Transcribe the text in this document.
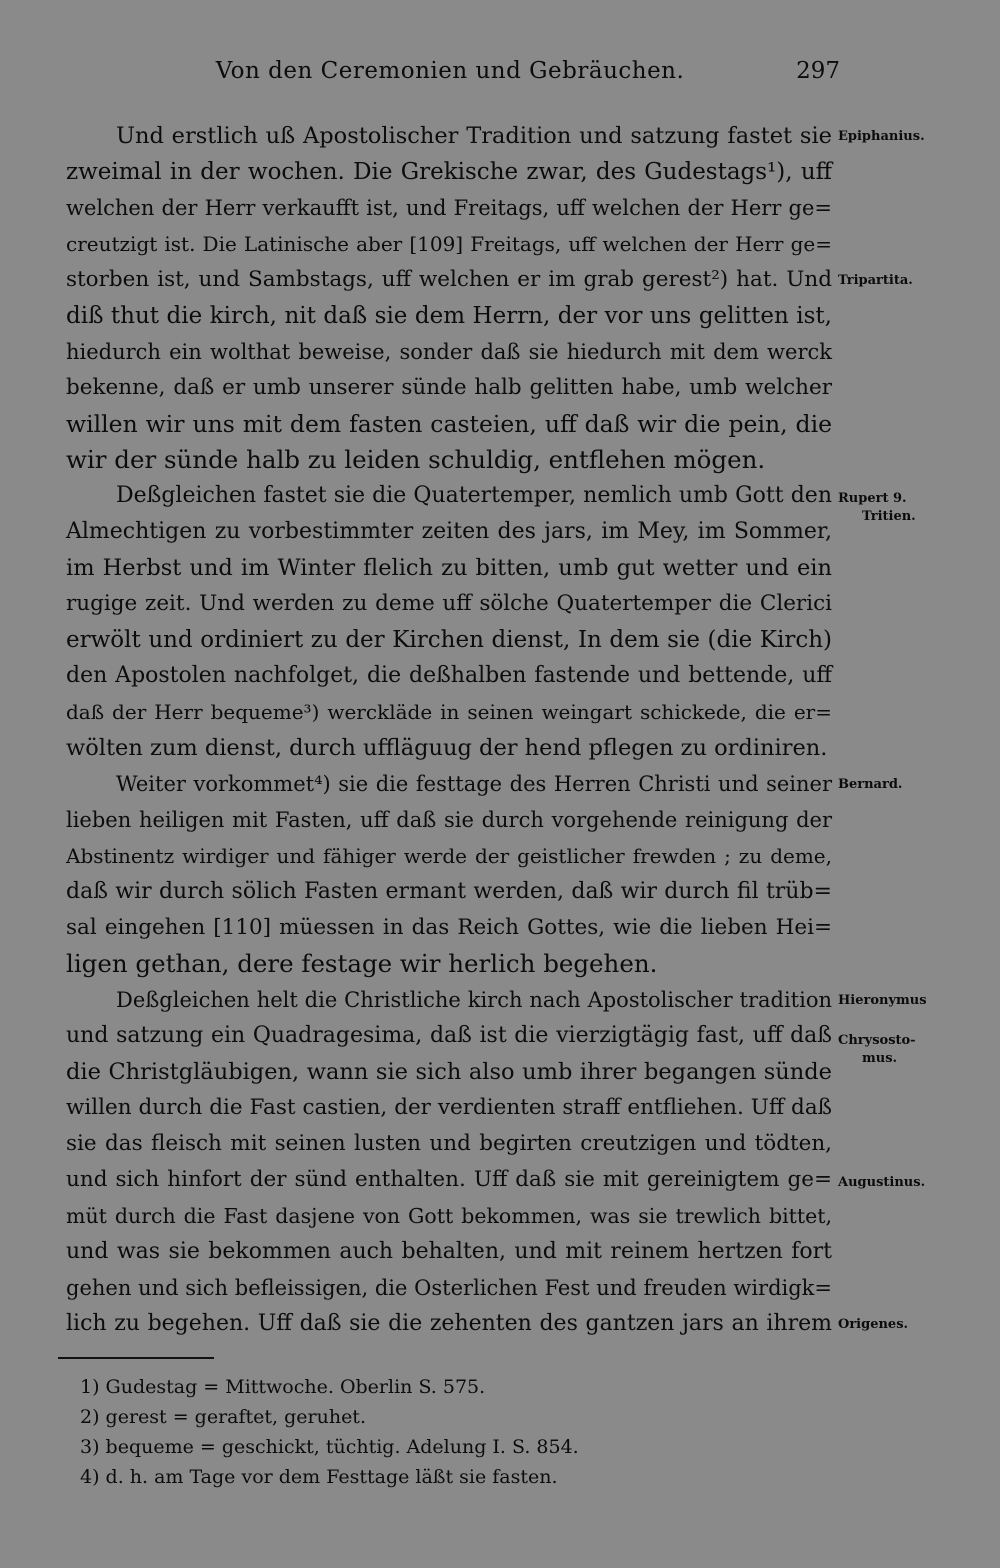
Von den Ceremonien und Gebräuchen.	297
Und erstlich uß Apostolischer Tradition und satzung fastet sie
zweimal in der wochen. Die Grekische zwar, des Gudestags¹), uff
welchen der Herr verkaufft ist, und Freitags, uff welchen der Herr ge=
creutzigt ist. Die Latinische aber [109] Freitags, uff welchen der Herr ge=
storben ist, und Sambstags, uff welchen er im grab gerest²) hat. Und
diß thut die kirch, nit daß sie dem Herrn, der vor uns gelitten ist,
hiedurch ein wolthat beweise, sonder daß sie hiedurch mit dem werck
bekenne, daß er umb unserer sünde halb gelitten habe, umb welcher
willen wir uns mit dem fasten casteien, uff daß wir die pein, die
wir der sünde halb zu leiden schuldig, entflehen mögen.
Deßgleichen fastet sie die Quatertemper, nemlich umb Gott den
Almechtigen zu vorbestimmter zeiten des jars, im Mey, im Sommer,
im Herbst und im Winter flelich zu bitten, umb gut wetter und ein
rugige zeit. Und werden zu deme uff sölche Quatertemper die Clerici
erwölt und ordiniert zu der Kirchen dienst, In dem sie (die Kirch)
den Apostolen nachfolget, die deßhalben fastende und bettende, uff
daß der Herr bequeme³) werckläde in seinen weingart schickede, die er=
wölten zum dienst, durch uffläguug der hend pflegen zu ordiniren.
Weiter vorkommet⁴) sie die festtage des Herren Christi und seiner
lieben heiligen mit Fasten, uff daß sie durch vorgehende reinigung der
Abstinentz wirdiger und fähiger werde der geistlicher frewden ; zu deme,
daß wir durch sölich Fasten ermant werden, daß wir durch fil trüb=
sal eingehen [110] müessen in das Reich Gottes, wie die lieben Hei=
ligen gethan, dere festage wir herlich begehen.
Deßgleichen helt die Christliche kirch nach Apostolischer tradition
und satzung ein Quadragesima, daß ist die vierzigtägig fast, uff daß
die Christgläubigen, wann sie sich also umb ihrer begangen sünde
willen durch die Fast castien, der verdienten straff entfliehen. Uff daß
sie das fleisch mit seinen lusten und begirten creutzigen und tödten,
und sich hinfort der sünd enthalten. Uff daß sie mit gereinigtem ge=
müt durch die Fast dasjene von Gott bekommen, was sie trewlich bittet,
und was sie bekommen auch behalten, und mit reinem hertzen fort
gehen und sich befleissigen, die Osterlichen Fest und freuden wirdigk=
lich zu begehen. Uff daß sie die zehenten des gantzen jars an ihrem
Epiphanius.
Tripartita.
Rupert 9.
Tritien.
Bernard.
Hieronymus
Chrysosto-
mus.
Augustinus.
Origenes.
1) Gudestag = Mittwoche. Oberlin S. 575.
2) gerest = geraftet, geruhet.
3) bequeme = geschickt, tüchtig. Adelung I. S. 854.
4) d. h. am Tage vor dem Festtage läßt sie fasten.
